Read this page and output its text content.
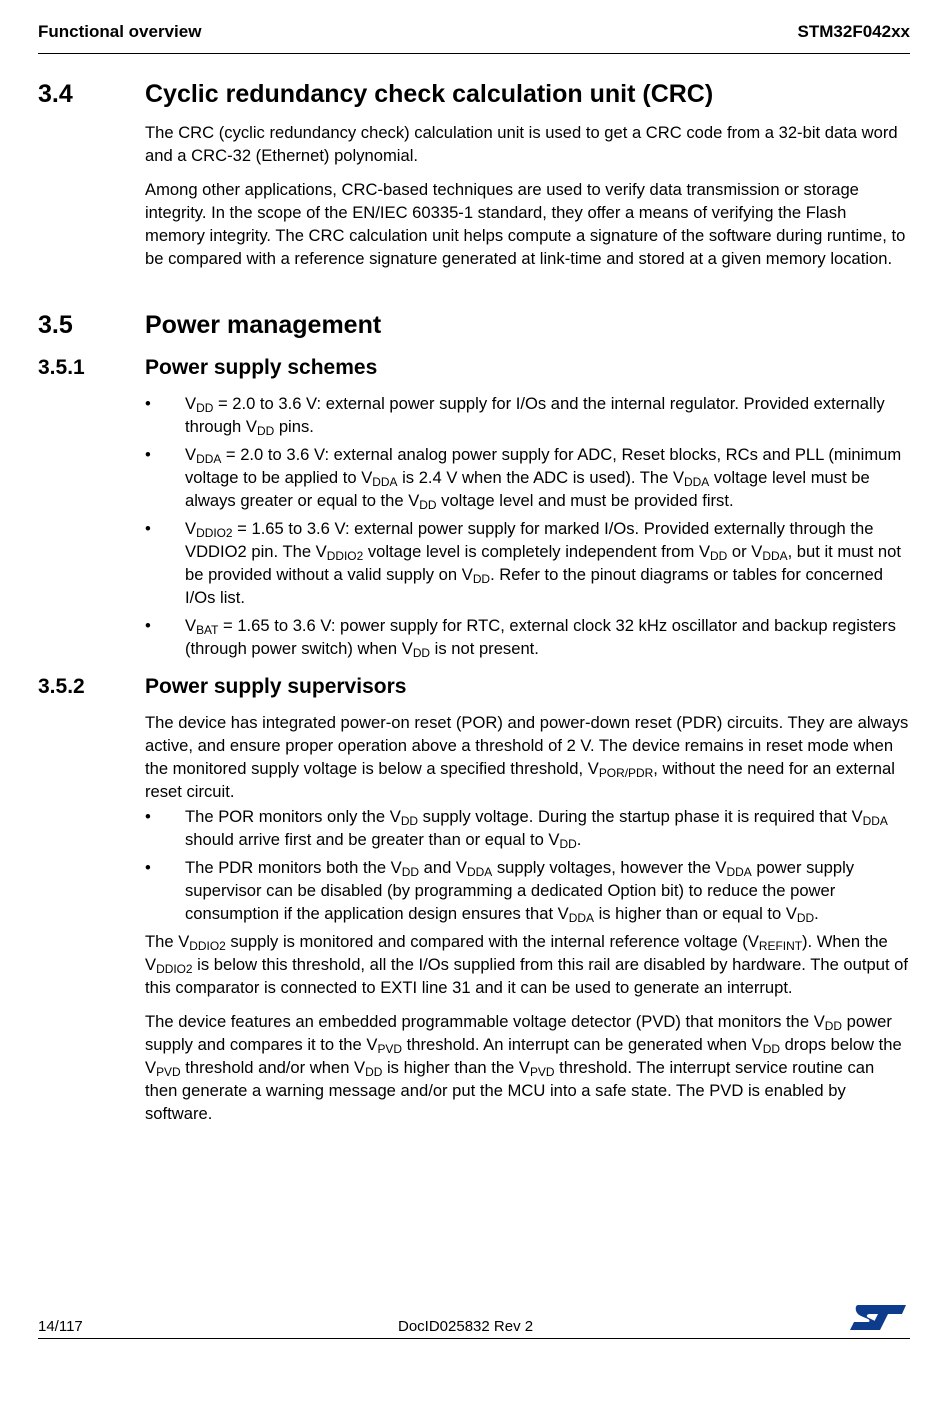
Functional overview	STM32F042xx
3.4	Cyclic redundancy check calculation unit (CRC)

The CRC (cyclic redundancy check) calculation unit is used to get a CRC code from a 32-bit data word and a CRC-32 (Ethernet) polynomial.

Among other applications, CRC-based techniques are used to verify data transmission or storage integrity. In the scope of the EN/IEC 60335-1 standard, they offer a means of verifying the Flash memory integrity. The CRC calculation unit helps compute a signature of the software during runtime, to be compared with a reference signature generated at link-time and stored at a given memory location.

3.5	Power management
3.5.1	Power supply schemes
• $V_{DD} = 2.0$ to 3.6 V: external power supply for I/Os and the internal regulator. Provided externally through $V_{DD}$ pins.
• $V_{DDA} = 2.0$ to 3.6 V: external analog power supply for ADC, Reset blocks, RCs and PLL (minimum voltage to be applied to $V_{DDA}$ is 2.4 V when the ADC is used). The $V_{DDA}$ voltage level must be always greater or equal to the $V_{DD}$ voltage level and must be provided first.
• $V_{DDIO2} = 1.65$ to 3.6 V: external power supply for marked I/Os. Provided externally through the VDDIO2 pin. The $V_{DDIO2}$ voltage level is completely independent from $V_{DD}$ or $V_{DDA}$, but it must not be provided without a valid supply on $V_{DD}$. Refer to the pinout diagrams or tables for concerned I/Os list.
• $V_{BAT} = 1.65$ to 3.6 V: power supply for RTC, external clock 32 kHz oscillator and backup registers (through power switch) when $V_{DD}$ is not present.
3.5.2	Power supply supervisors

The device has integrated power-on reset (POR) and power-down reset (PDR) circuits. They are always active, and ensure proper operation above a threshold of 2 V. The device remains in reset mode when the monitored supply voltage is below a specified threshold, $V_{POR/PDR}$, without the need for an external reset circuit.

• The POR monitors only the $V_{DD}$ supply voltage. During the startup phase it is required that $V_{DDA}$ should arrive first and be greater than or equal to $V_{DD}$.
• The PDR monitors both the $V_{DD}$ and $V_{DDA}$ supply voltages, however the $V_{DDA}$ power supply supervisor can be disabled (by programming a dedicated Option bit) to reduce the power consumption if the application design ensures that $V_{DDA}$ is higher than or equal to $V_{DD}$.

The $V_{DDIO2}$ supply is monitored and compared with the internal reference voltage $(V_{REFINT})$. When the $V_{DDIO2}$ is below this threshold, all the I/Os supplied from this rail are disabled by hardware. The output of this comparator is connected to EXTI line 31 and it can be used to generate an interrupt.

The device features an embedded programmable voltage detector (PVD) that monitors the $V_{DD}$ power supply and compares it to the $V_{PVD}$ threshold. An interrupt can be generated when $V_{DD}$ drops below the $V_{PVD}$ threshold and/or when $V_{DD}$ is higher than the $V_{PVD}$ threshold. The interrupt service routine can then generate a warning message and/or put the MCU into a safe state. The PVD is enabled by software.

14/117	DocID025832 Rev 2
